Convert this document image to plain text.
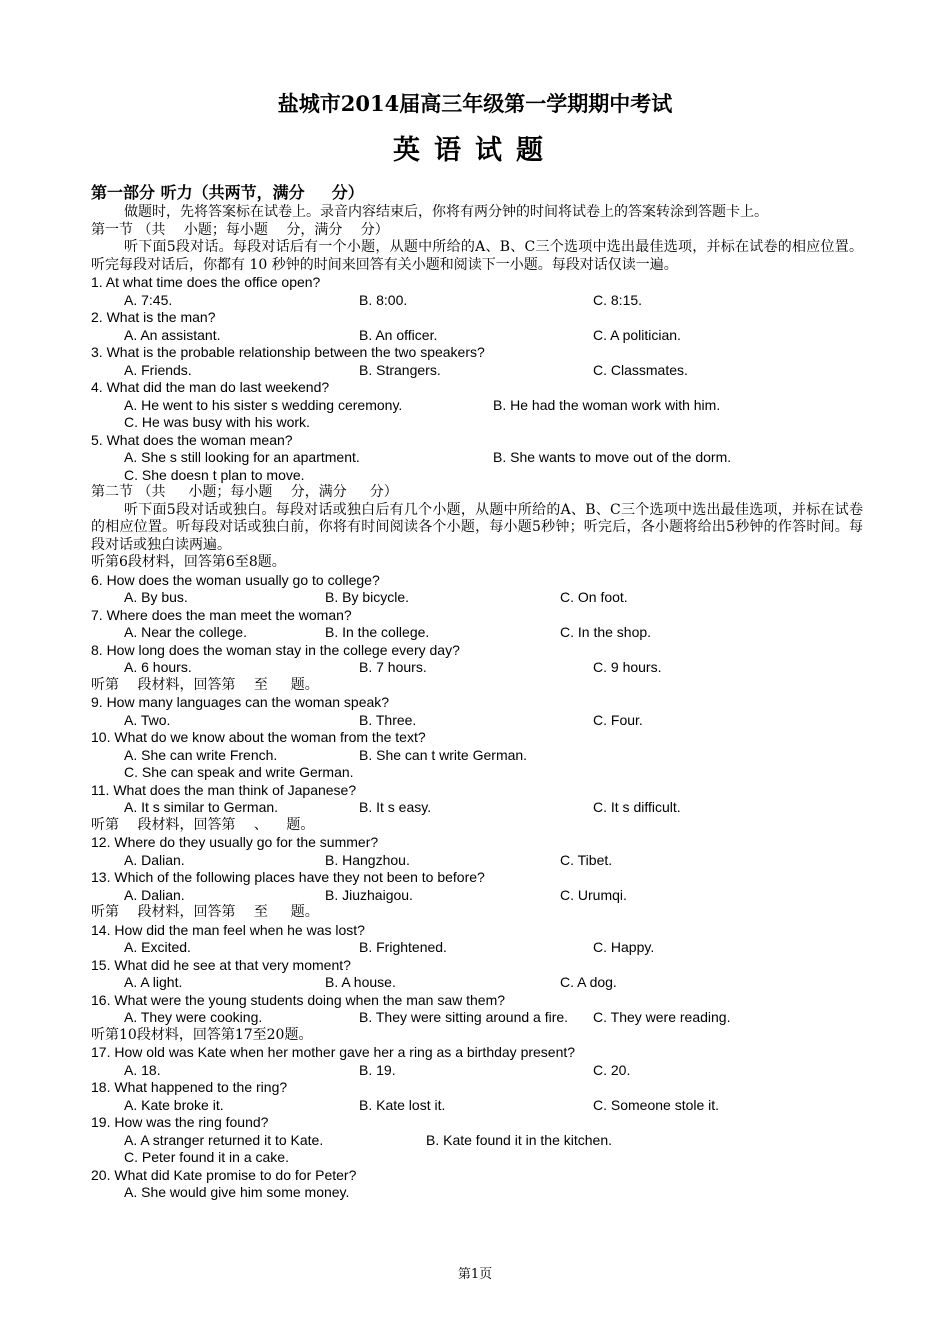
盐城市2014届高三年级第一学期期中考试
英语试题
第一部分 听力（共两节，满分 　 分）
做题时，先将答案标在试卷上。录音内容结束后，你将有两分钟的时间将试卷上的答案转涂到答题卡上。
第一节 （共 　小题；每小题 　分，满分 　分）
听下面5段对话。每段对话后有一个小题，从题中所给的A、B、C三个选项中选出最佳选项，并标在试卷的相应位置。听完每段对话后，你都有 10 秒钟的时间来回答有关小题和阅读下一小题。每段对话仅读一遍。
1. At what time does the office open?

A. 7:45.

	B. 8:00.

	C. 8:15.

2. What is the man?

A. An assistant.

	B. An officer.

	C. A politician.

3. What is the probable relationship between the two speakers?

A. Friends.

	B. Strangers.

	C. Classmates.

4. What did the man do last weekend?

A. He went to his sister s wedding ceremony.

	B. He had the woman work with him.

C. He was busy with his work.

5. What does the woman mean?

A. She s still looking for an apartment.

	B. She wants to move out of the dorm.

C. She doesn t plan to move.

第二节 （共 　 小题；每小题 　分，满分 　 分）
听下面5段对话或独白。每段对话或独白后有几个小题，从题中所给的A、B、C三个选项中选出最佳选项，并标在试卷的相应位置。听每段对话或独白前，你将有时间阅读各个小题，每小题5秒钟；听完后，各小题将给出5秒钟的作答时间。每段对话或独白读两遍。
听第6段材料，回答第6至8题。
6. How does the woman usually go to college?

A. By bus.

	B. By bicycle.

	C. On foot.

7. Where does the man meet the woman?

A. Near the college.

	B. In the college.

	C. In the shop.

8. How long does the woman stay in the college every day?

A. 6 hours.

	B. 7 hours.

	C. 9 hours.

听第 　段材料，回答第 　至 　 题。
9. How many languages can the woman speak?

A. Two.

	B. Three.

	C. Four.

10. What do we know about the woman from the text?

A. She can write French.

	B. She can t write German.

C. She can speak and write German.

11. What does the man think of Japanese?

A. It s similar to German.

	B. It s easy.

	C. It s difficult.

听第 　段材料，回答第 　、 　题。
12. Where do they usually go for the summer?

A. Dalian.

	B. Hangzhou.

	C. Tibet.

13. Which of the following places have they not been to before?

A. Dalian.

	B. Jiuzhaigou.

	C. Urumqi.

听第 　段材料，回答第 　至 　 题。
14. How did the man feel when he was lost?

A. Excited.

	B. Frightened.

	C. Happy.

15. What did he see at that very moment?

A. A light.

	B. A house.

	C. A dog.

16. What were the young students doing when the man saw them?

A. They were cooking.

	B. They were sitting around a fire.

C. They were reading.

听第10段材料，回答第17至20题。
17. How old was Kate when her mother gave her a ring as a birthday present?

A. 18.

	B. 19.

	C. 20.

18. What happened to the ring?

A. Kate broke it.

	B. Kate lost it.

	C. Someone stole it.

19. How was the ring found?

A. A stranger returned it to Kate.

	B. Kate found it in the kitchen.

C. Peter found it in a cake.

20. What did Kate promise to do for Peter?

A. She would give him some money.

第1页
